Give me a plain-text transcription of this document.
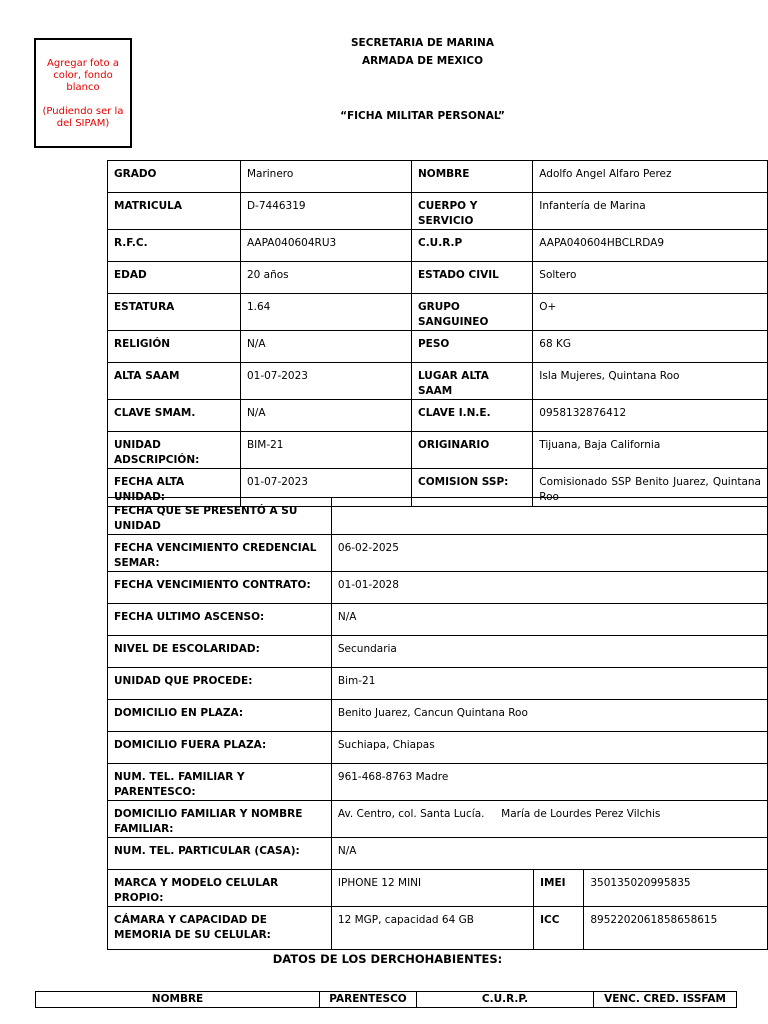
Agregar foto a color, fondo blanco
(Pudiendo ser la del SIPAM)
SECRETARIA DE MARINA
ARMADA DE MEXICO
“FICHA MILITAR PERSONAL”
GRADO	Marinero	NOMBRE	Adolfo Angel Alfaro Perez
MATRICULA	D-7446319	CUERPO Y SERVICIO	Infantería de Marina
R.F.C.	AAPA040604RU3	C.U.R.P	AAPA040604HBCLRDA9
EDAD	20 años	ESTADO CIVIL	Soltero
ESTATURA	1.64	GRUPO SANGUINEO	O+
RELIGIÓN	N/A	PESO	68 KG
ALTA SAAM	01-07-2023	LUGAR ALTA SAAM	Isla Mujeres, Quintana Roo
CLAVE SMAM.	N/A	CLAVE I.N.E.	0958132876412
UNIDAD ADSCRIPCIÓN:	BIM-21	ORIGINARIO	Tijuana, Baja California
FECHA ALTA UNIDAD:	01-07-2023	COMISION SSP:	Comisionado SSP Benito Juarez, Quintana Roo
FECHA QUE SE PRESENTÓ A SU UNIDAD			
FECHA VENCIMIENTO CREDENCIAL SEMAR:	06-02-2025		
FECHA VENCIMIENTO CONTRATO:	01-01-2028		
FECHA ULTIMO ASCENSO:	N/A		
NIVEL DE ESCOLARIDAD:	Secundaria		
UNIDAD QUE PROCEDE:	Bim-21		
DOMICILIO EN PLAZA:	Benito Juarez, Cancun Quintana Roo		
DOMICILIO FUERA PLAZA:	Suchiapa, Chiapas		
NUM. TEL. FAMILIAR Y PARENTESCO:	961-468-8763 Madre		
DOMICILIO FAMILIAR Y NOMBRE FAMILIAR:	Av. Centro, col. Santa Lucía.     María de Lourdes Perez Vilchis		
NUM. TEL. PARTICULAR (CASA):	N/A		
MARCA Y MODELO CELULAR PROPIO:	IPHONE 12 MINI	IMEI	350135020995835
CÁMARA Y CAPACIDAD DE MEMORIA DE SU CELULAR:	12 MGP, capacidad 64 GB	ICC	8952202061858658615
DATOS DE LOS DERCHOHABIENTES:
NOMBRE	PARENTESCO	C.U.R.P.	VENC. CRED. ISSFAM
